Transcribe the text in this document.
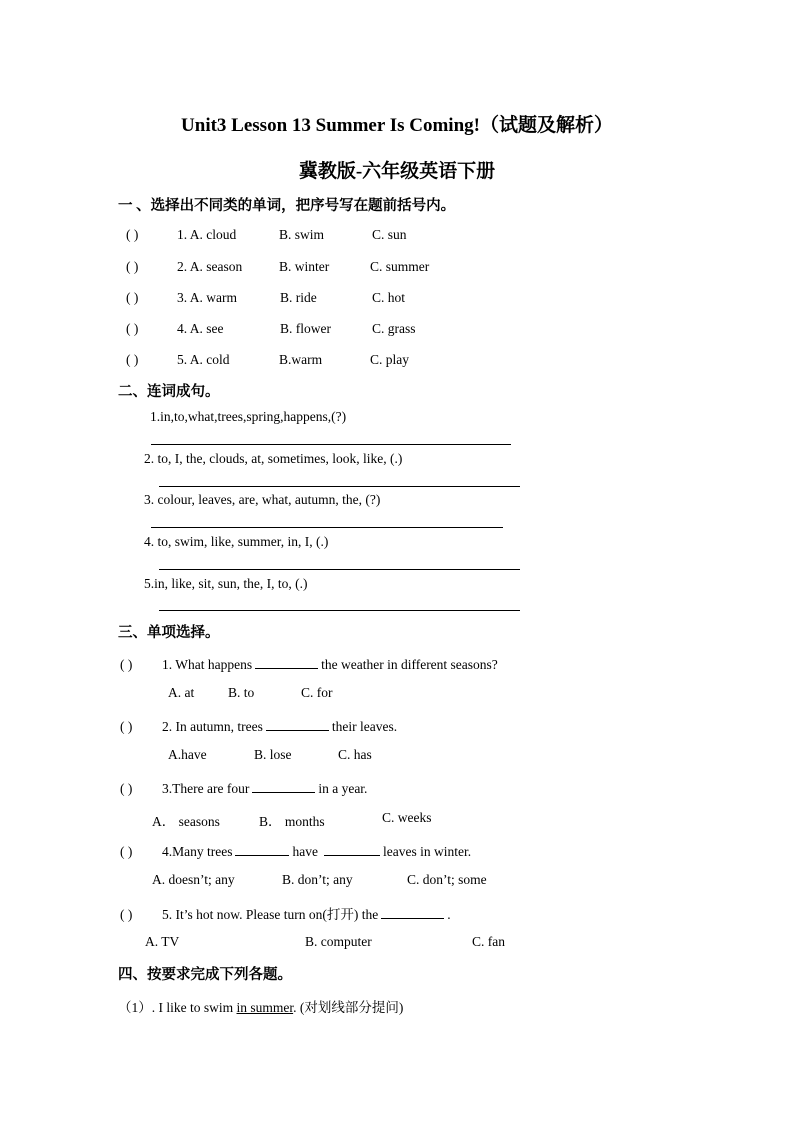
Unit3 Lesson 13 Summer Is Coming!（试题及解析）
冀教版-六年级英语下册
一 、选择出不同类的单词，把序号写在题前括号内。
( )	1. A. cloud	B. swim	C. sun
( )	2. A. season	B. winter	C. summer
( )	3. A. warm	B. ride	C. hot
( )	4. A. see	B. flower	C. grass
( )	5. A. cold	B.warm	C. play
二、连词成句。
1.in,to,what,trees,spring,happens,(?)
2. to, I, the, clouds, at, sometimes, look, like, (.)
3. colour, leaves, are, what, autumn, the, (?)
4. to, swim, like, summer, in, I, (.)
5.in, like, sit, sun, the, I, to, (.)
三、单项选择。
( ) 1. What happens	the weather in different seasons?
A. at	B. to	C. for
( ) 2. In autumn, trees	their leaves.
A.have	B. lose	C. has
( ) 3.There are four	in a year.
A． seasons	B． months	C. weeks
( ) 4.Many trees	have	leaves in winter.
A. doesn’t; any	B. don’t; any	C. don’t; some
( ) 5. It’s hot now. Please turn on(打开) the	.
A. TV	B. computer	C. fan
四、按要求完成下列各题。
（1）. I like to swim in summer. (对划线部分提问)
